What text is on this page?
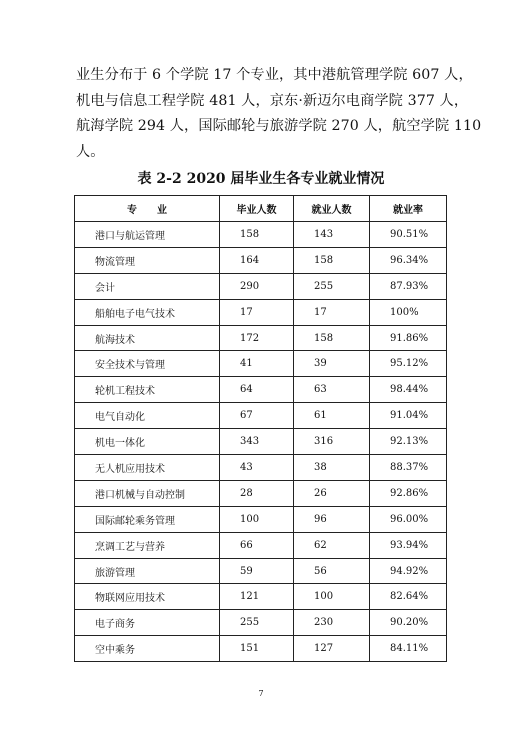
业生分布于 6 个学院 17 个专业，其中港航管理学院 607 人，
机电与信息工程学院 481 人，京东·新迈尔电商学院 377 人，
航海学院 294 人，国际邮轮与旅游学院 270 人，航空学院 110
人。
表 2-2 2020 届毕业生各专业就业情况
专　　业	毕业人数	就业人数	就业率
港口与航运管理	158	143	90.51%
物流管理	164	158	96.34%
会计	290	255	87.93%
船舶电子电气技术	17	17	100%
航海技术	172	158	91.86%
安全技术与管理	41	39	95.12%
轮机工程技术	64	63	98.44%
电气自动化	67	61	91.04%
机电一体化	343	316	92.13%
无人机应用技术	43	38	88.37%
港口机械与自动控制	28	26	92.86%
国际邮轮乘务管理	100	96	96.00%
烹调工艺与营养	66	62	93.94%
旅游管理	59	56	94.92%
物联网应用技术	121	100	82.64%
电子商务	255	230	90.20%
空中乘务	151	127	84.11%
7
